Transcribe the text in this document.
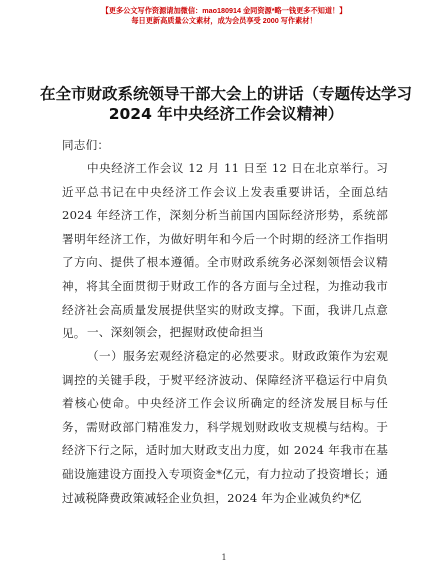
【更多公文写作资源请加微信：mao180914 金同资源*略一钱更多不知道！】
每日更新高质量公文素材，成为会员享受 2000 写作素材！
在全市财政系统领导干部大会上的讲话（专题传达学习 2024 年中央经济工作会议精神）
同志们：
中央经济工作会议 12 月 11 日至 12 日在北京举行。习近平总书记在中央经济工作会议上发表重要讲话，全面总结 2024 年经济工作，深刻分析当前国内国际经济形势，系统部署明年经济工作，为做好明年和今后一个时期的经济工作指明了方向、提供了根本遵循。全市财政系统务必深刻领悟会议精神，将其全面贯彻于财政工作的各方面与全过程，为推动我市经济社会高质量发展提供坚实的财政支撑。下面，我讲几点意见。 一、深刻领会，把握财政使命担当
（一）服务宏观经济稳定的必然要求。财政政策作为宏观调控的关键手段，于熨平经济波动、保障经济平稳运行中肩负着核心使命。中央经济工作会议所确定的经济发展目标与任务，需财政部门精准发力，科学规划财政收支规模与结构。于经济下行之际，适时加大财政支出力度，如 2024 年我市在基础设施建设方面投入专项资金*亿元，有力拉动了投资增长；通过减税降费政策减轻企业负担，2024 年为企业减负约*亿
1
